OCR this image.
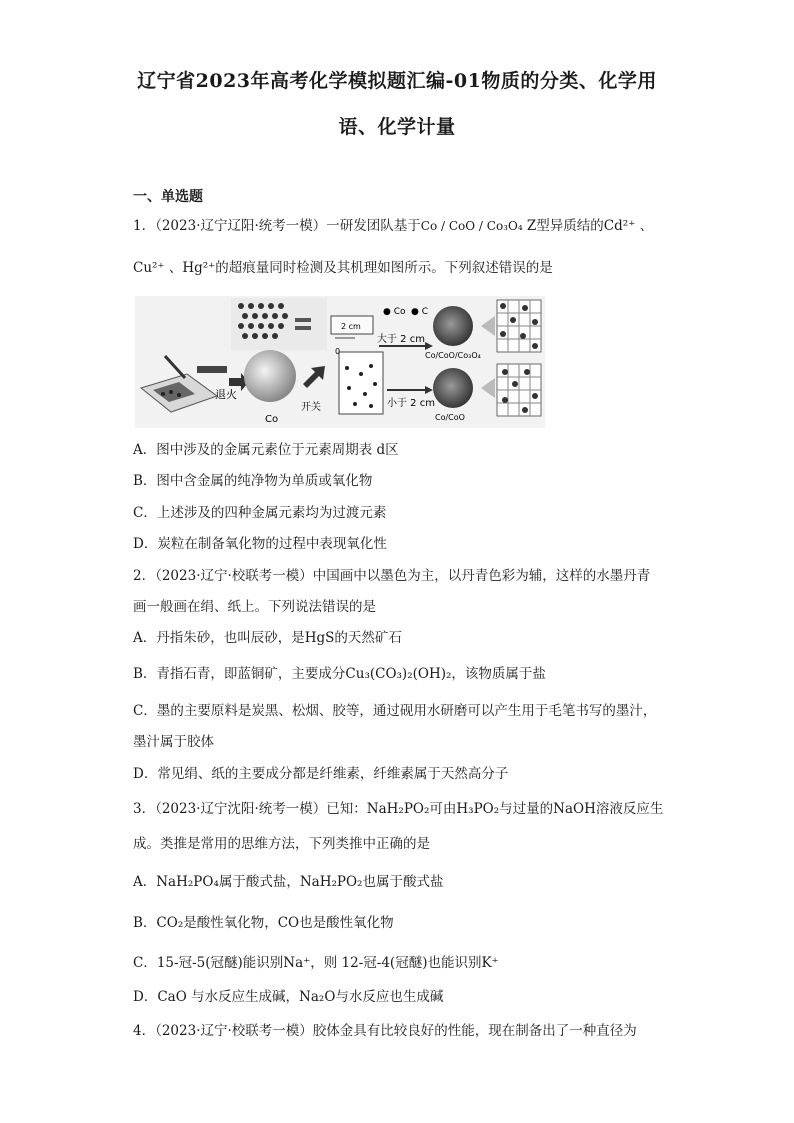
辽宁省2023年高考化学模拟题汇编-01物质的分类、化学用
语、化学计量
一、单选题
1．（2023·辽宁辽阳·统考一模）一研发团队基于Co / CoO / Co₃O₄ Z型异质结的Cd²⁺ 、
Cu²⁺ 、Hg²⁺的超痕量同时检测及其机理如图所示。下列叙述错误的是
退火
Co
开关
2 cm
0
● Co ● C
大于 2 cm
小于 2 cm
Co/CoO/Co₃O₄
Co/CoO
A．图中涉及的金属元素位于元素周期表 d区
B．图中含金属的纯净物为单质或氧化物
C．上述涉及的四种金属元素均为过渡元素
D．炭粒在制备氧化物的过程中表现氧化性
2．（2023·辽宁·校联考一模）中国画中以墨色为主，以丹青色彩为辅，这样的水墨丹青
画一般画在绢、纸上。下列说法错误的是
A．丹指朱砂，也叫辰砂，是HgS的天然矿石
B．青指石青，即蓝铜矿，主要成分Cu₃(CO₃)₂(OH)₂，该物质属于盐
C．墨的主要原料是炭黑、松烟、胶等，通过砚用水研磨可以产生用于毛笔书写的墨汁，
墨汁属于胶体
D．常见绢、纸的主要成分都是纤维素，纤维素属于天然高分子
3．（2023·辽宁沈阳·统考一模）已知：NaH₂PO₂可由H₃PO₂与过量的NaOH溶液反应生
成。类推是常用的思维方法，下列类推中正确的是
A．NaH₂PO₄属于酸式盐，NaH₂PO₂也属于酸式盐
B．CO₂是酸性氧化物，CO也是酸性氧化物
C．15-冠-5(冠醚)能识别Na⁺，则 12-冠-4(冠醚)也能识别K⁺
D．CaO 与水反应生成碱，Na₂O与水反应也生成碱
4．（2023·辽宁·校联考一模）胶体金具有比较良好的性能，现在制备出了一种直径为
